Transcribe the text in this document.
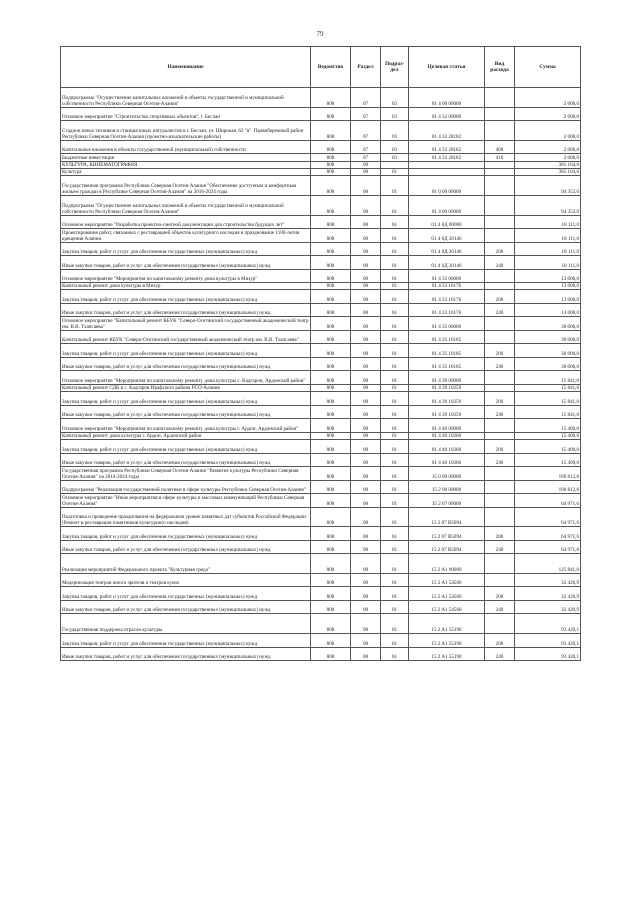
79
Наименование	Ведомство	Раздел	Подраз-дел	Целевая статья	Вид расхода	Сумма
Подпрограмма "Осуществление капитальных вложений в объекты государственной и муниципальной собственности Республики Северная Осетия-Алания"	808	07	03	01 4 00 00000		2 000,0
Основное мероприятие "Строительство спортивных объектов", г. Беслан	808	07	03	01 4 32 00000		2 000,0
Стадион юных техников и станция юных натуралистов в г. Беслан, ул. Широкая, 62 "в". Правобережный район Республики Северная Осетия-Алания (проектно-изыскательские работы)	808	07	03	01 4 32 28182		2 000,0
Капитальные вложения в объекты государственной (муниципальной) собственности	808	07	03	01 4 32 28182	400	2 000,0
Бюджетные инвестиции	808	07	03	01 4 32 28182	410	2 000,0
КУЛЬТУРА, КИНЕМАТОГРАФИЯ	808	08				385 164,6
Культура	808	08	01			385 164,6
Государственная программа Республики Северная Осетия-Алания "Обеспечение доступным и комфортным жильем граждан в Республике Северная Осетия-Алания" на 2016-2024 годы	808	08	01	01 0 00 00000		94 352,0
Подпрограмма "Осуществление капитальных вложений в объекты государственной и муниципальной собственности Республики Северная Осетия-Алания"	808	08	01	01 4 00 00000		94 352,0
Основное мероприятие "Разработка проектно-сметной документации для строительства будущих лет"	808	08	01	01 4 0Д 00000		18 111,0
Проектирование работ, связанных с реставрацией объектов культурного наследия в празднование 1100-летия крещения Алании	808	08	01	01 4 0Д 20146		18 111,0
Закупка товаров, работ и услуг для обеспечения государственных (муниципальных) нужд	808	08	01	01 4 0Д 20146	200	18 111,0
Иные закупки товаров, работ и услуг для обеспечения государственных (муниципальных) нужд	808	08	01	01 4 0Д 20146	240	18 111,0
Основное мероприятие "Мероприятия по капитальному ремонту дома культуры в Мизур"	808	08	01	01 4 33 00000		13 000,0
Капитальный ремонт дома культуры в Мизур	808	08	01	01 4 33 10176		13 000,0
Закупка товаров, работ и услуг для обеспечения государственных (муниципальных) нужд	808	08	01	01 4 33 10176	200	13 000,0
Иные закупки товаров, работ и услуг для обеспечения государственных (муниципальных) нужд	808	08	01	01 4 33 10176	240	13 000,0
Основное мероприятие "Капитальный ремонт КБУК "Северо-Осетинский государственный академический театр им. В.В. Тхапсаева"	808	08	01	01 4 35 00000		30 000,0
Капитальный ремонт КБУК "Северо-Осетинский государственный академический театр им. В.В. Тхапсаева"	808	08	01	01 4 35 10185		30 000,0
Закупка товаров, работ и услуг для обеспечения государственных (муниципальных) нужд	808	08	01	01 4 35 10185	200	30 000,0
Иные закупки товаров, работ и услуг для обеспечения государственных (муниципальных) нужд	808	08	01	01 4 35 10185	240	30 000,0
Основное мероприятие "Мероприятия по капитальному ремонту дома культуры с. Кадгарон, Ардонский район"	808	08	01	01 4 39 00000		15 841,0
Капитальный ремонт СДК в с. Кадгарон Ирафского района РСО-Алания	808	08	01	01 4 39 10259		15 841,0
Закупка товаров, работ и услуг для обеспечения государственных (муниципальных) нужд	808	08	01	01 4 39 10259	200	15 841,0
Иные закупки товаров, работ и услуг для обеспечения государственных (муниципальных) нужд	808	08	01	01 4 39 10259	240	15 841,0
Основное мероприятие "Мероприятия по капитальному ремонту дома культуры г. Ардон, Ардонский район"	808	08	01	01 4 40 00000		15 400,0
Капитальный ремонт дома культуры г. Ардон, Ардонский район	808	08	01	01 4 40 10260		15 400,0
Закупка товаров, работ и услуг для обеспечения государственных (муниципальных) нужд	808	08	01	01 4 40 10260	200	15 400,0
Иные закупки товаров, работ и услуг для обеспечения государственных (муниципальных) нужд	808	08	01	01 4 40 10260	240	15 400,0
Государственная программа Республики Северная Осетия-Алания "Развитие культуры Республики Северная Осетия-Алания" на 2014-2024 годы	808	08	01	15 0 00 00000		190 812,6
Подпрограмма "Реализация государственной политики в сфере культуры Республики Северная Осетия-Алания"	808	08	01	15 2 00 00000		190 812,6
Основное мероприятие "Иные мероприятия в сфере культуры и массовых коммуникаций Республики Северная Осетия-Алания"	808	08	01	15 2 07 00000		64 971,6
Подготовка и проведение празднования на федеральном уровне памятных дат субъектов Российской Федерации (Ремонт и реставрация памятников культурного наследия)	808	08	01	15 2 07 R5094		64 971,6
Закупка товаров, работ и услуг для обеспечения государственных (муниципальных) нужд	808	08	01	15 2 07 R5094	200	64 971,6
Иные закупки товаров, работ и услуг для обеспечения государственных (муниципальных) нужд	808	08	01	15 2 07 R5094	240	64 971,6
Реализация мероприятий Федерального проекта "Культурная среда"	808	08	01	15 2 A1 00000		125 841,0
Модернизация театров юного зрителя и театров кукол	808	08	01	15 2 A1 54560		32 420,9
Закупка товаров, работ и услуг для обеспечения государственных (муниципальных) нужд	808	08	01	15 2 A1 54560	200	32 420,9
Иные закупки товаров, работ и услуг для обеспечения государственных (муниципальных) нужд	808	08	01	15 2 A1 54560	240	32 420,9
Государственная поддержка отрасли культуры	808	08	01	15 2 A1 55190		93 420,1
Закупка товаров, работ и услуг для обеспечения государственных (муниципальных) нужд	808	08	01	15 2 A1 55190	200	93 420,1
Иные закупки товаров, работ и услуг для обеспечения государственных (муниципальных) нужд	808	08	01	15 2 A1 55190	240	93 420,1
